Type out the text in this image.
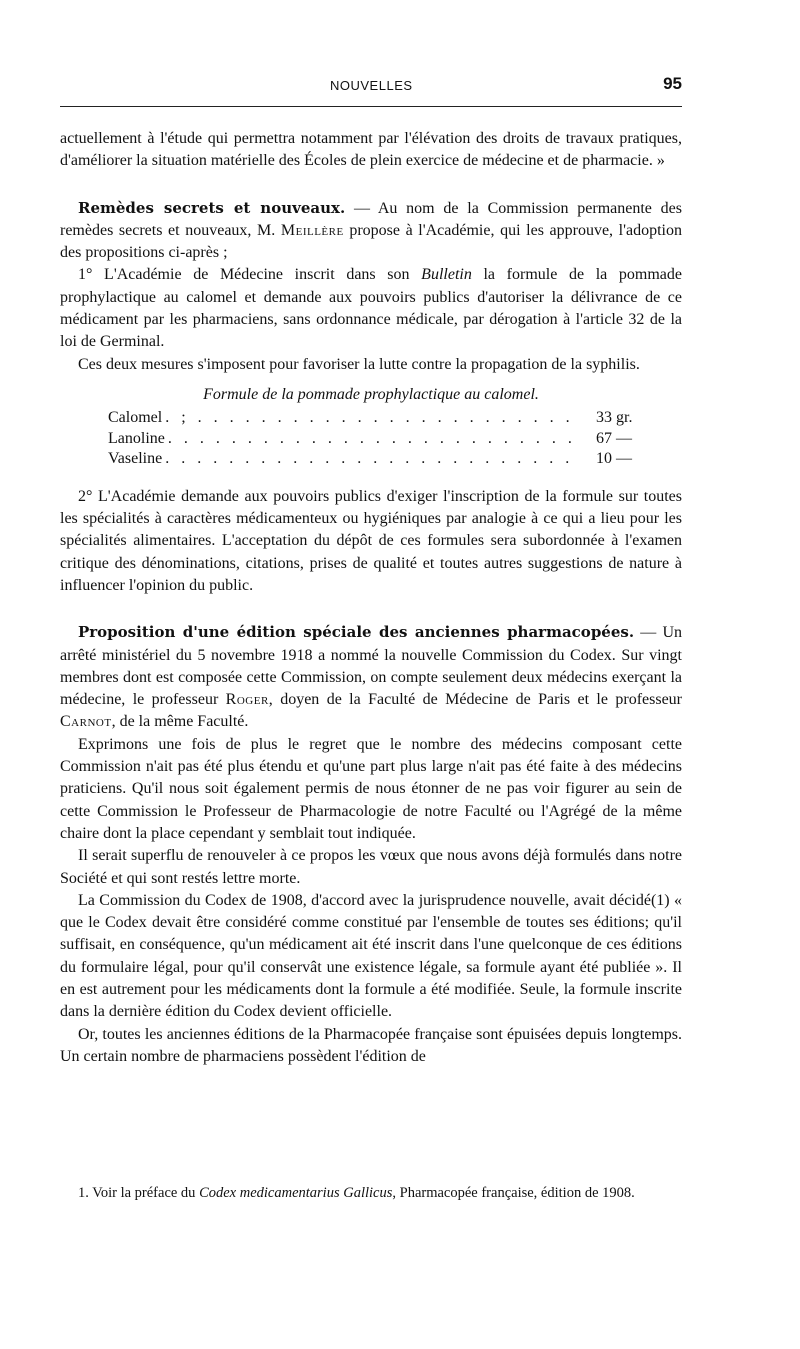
NOUVELLES	95

actuellement à l'étude qui permettra notamment par l'élévation des droits de travaux pratiques, d'améliorer la situation matérielle des Écoles de plein exercice de médecine et de pharmacie. »

Remèdes secrets et nouveaux. — Au nom de la Commission permanente des remèdes secrets et nouveaux, M. Meillère propose à l'Académie, qui les approuve, l'adoption des propositions ci-après ;

1° L'Académie de Médecine inscrit dans son Bulletin la formule de la pommade prophylactique au calomel et demande aux pouvoirs publics d'autoriser la délivrance de ce médicament par les pharmaciens, sans ordonnance médicale, par dérogation à l'article 32 de la loi de Germinal.

Ces deux mesures s'imposent pour favoriser la lutte contre la propagation de la syphilis.

Formule de la pommade prophylactique au calomel.
Calomel . ; . . . . . . . . . . . . . . . . . . . . . . . .	33 gr.
Lanoline . . . . . . . . . . . . . . . . . . . . . . . . . .	67 —
Vaseline . . . . . . . . . . . . . . . . . . . . . . . . . .	10 —

2° L'Académie demande aux pouvoirs publics d'exiger l'inscription de la formule sur toutes les spécialités à caractères médicamenteux ou hygiéniques par analogie à ce qui a lieu pour les spécialités alimentaires. L'acceptation du dépôt de ces formules sera subordonnée à l'examen critique des dénominations, citations, prises de qualité et toutes autres suggestions de nature à influencer l'opinion du public.

Proposition d'une édition spéciale des anciennes pharmacopées. — Un arrêté ministériel du 5 novembre 1918 a nommé la nouvelle Commission du Codex. Sur vingt membres dont est composée cette Commission, on compte seulement deux médecins exerçant la médecine, le professeur Roger, doyen de la Faculté de Médecine de Paris et le professeur Carnot, de la même Faculté.

Exprimons une fois de plus le regret que le nombre des médecins composant cette Commission n'ait pas été plus étendu et qu'une part plus large n'ait pas été faite à des médecins praticiens. Qu'il nous soit également permis de nous étonner de ne pas voir figurer au sein de cette Commission le Professeur de Pharmacologie de notre Faculté ou l'Agrégé de la même chaire dont la place cependant y semblait tout indiquée.

Il serait superflu de renouveler à ce propos les vœux que nous avons déjà formulés dans notre Société et qui sont restés lettre morte.

La Commission du Codex de 1908, d'accord avec la jurisprudence nouvelle, avait décidé(1) « que le Codex devait être considéré comme constitué par l'ensemble de toutes ses éditions; qu'il suffisait, en conséquence, qu'un médicament ait été inscrit dans l'une quelconque de ces éditions du formulaire légal, pour qu'il conservât une existence légale, sa formule ayant été publiée ». Il en est autrement pour les médicaments dont la formule a été modifiée. Seule, la formule inscrite dans la dernière édition du Codex devient officielle.

Or, toutes les anciennes éditions de la Pharmacopée française sont épuisées depuis longtemps. Un certain nombre de pharmaciens possèdent l'édition de

1. Voir la préface du Codex medicamentarius Gallicus, Pharmacopée française, édition de 1908.
